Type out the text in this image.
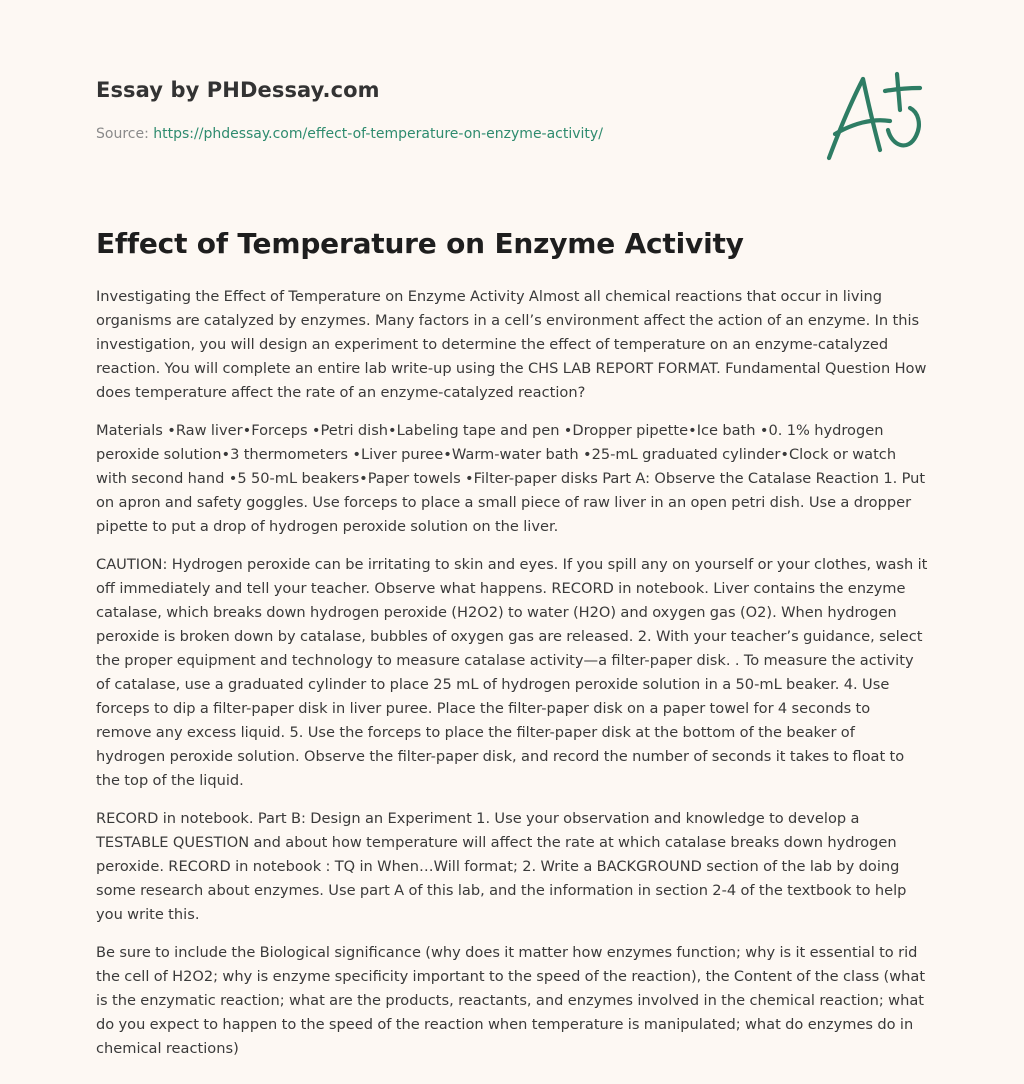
Essay by PHDessay.com
Source: https://phdessay.com/effect-of-temperature-on-enzyme-activity/
Effect of Temperature on Enzyme Activity

Investigating the Effect of Temperature on Enzyme Activity Almost all chemical reactions that occur in living organisms are catalyzed by enzymes. Many factors in a cell’s environment affect the action of an enzyme. In this investigation, you will design an experiment to determine the effect of temperature on an enzyme-catalyzed reaction. You will complete an entire lab write-up using the CHS LAB REPORT FORMAT. Fundamental Question How does temperature affect the rate of an enzyme-catalyzed reaction?

Materials •Raw liver•Forceps •Petri dish•Labeling tape and pen •Dropper pipette•Ice bath •0. 1% hydrogen peroxide solution•3 thermometers •Liver puree•Warm-water bath •25-mL graduated cylinder•Clock or watch with second hand •5 50-mL beakers•Paper towels •Filter-paper disks Part A: Observe the Catalase Reaction 1. Put on apron and safety goggles. Use forceps to place a small piece of raw liver in an open petri dish. Use a dropper pipette to put a drop of hydrogen peroxide solution on the liver.

CAUTION: Hydrogen peroxide can be irritating to skin and eyes. If you spill any on yourself or your clothes, wash it off immediately and tell your teacher. Observe what happens. RECORD in notebook. Liver contains the enzyme catalase, which breaks down hydrogen peroxide (H2O2) to water (H2O) and oxygen gas (O2). When hydrogen peroxide is broken down by catalase, bubbles of oxygen gas are released. 2. With your teacher’s guidance, select the proper equipment and technology to measure catalase activity—a filter-paper disk. . To measure the activity of catalase, use a graduated cylinder to place 25 mL of hydrogen peroxide solution in a 50-mL beaker. 4. Use forceps to dip a filter-paper disk in liver puree. Place the filter-paper disk on a paper towel for 4 seconds to remove any excess liquid. 5. Use the forceps to place the filter-paper disk at the bottom of the beaker of hydrogen peroxide solution. Observe the filter-paper disk, and record the number of seconds it takes to float to the top of the liquid.

RECORD in notebook. Part B: Design an Experiment 1. Use your observation and knowledge to develop a TESTABLE QUESTION and about how temperature will affect the rate at which catalase breaks down hydrogen peroxide. RECORD in notebook : TQ in When…Will format; 2. Write a BACKGROUND section of the lab by doing some research about enzymes. Use part A of this lab, and the information in section 2-4 of the textbook to help you write this.

Be sure to include the Biological significance (why does it matter how enzymes function; why is it essential to rid the cell of H2O2; why is enzyme specificity important to the speed of the reaction), the Content of the class (what is the enzymatic reaction; what are the products, reactants, and enzymes involved in the chemical reaction; what do you expect to happen to the speed of the reaction when temperature is manipulated; what do enzymes do in chemical reactions)
